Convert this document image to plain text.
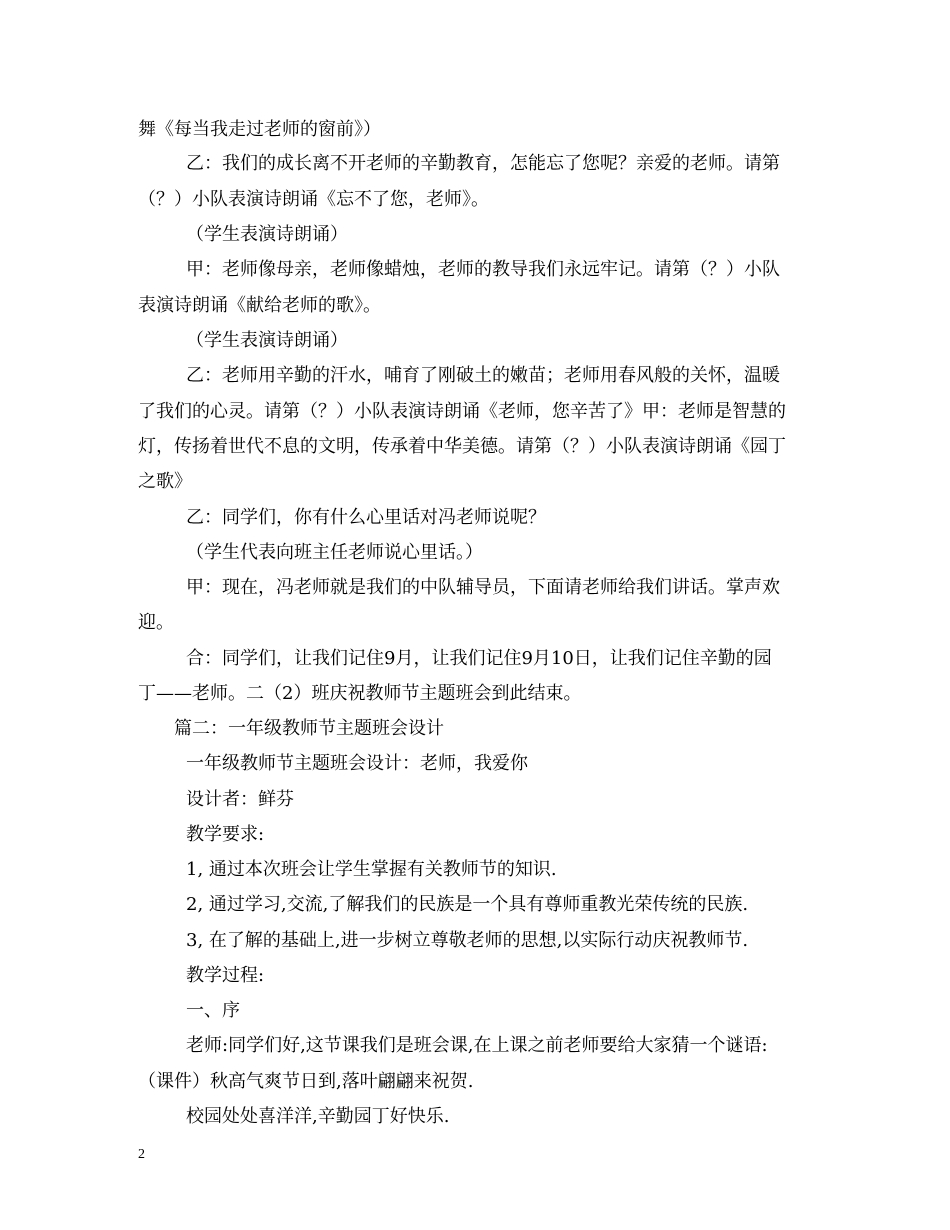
舞《每当我走过老师的窗前》）
乙：我们的成长离不开老师的辛勤教育，怎能忘了您呢？亲爱的老师。请第
（？）小队表演诗朗诵《忘不了您，老师》。
（学生表演诗朗诵）
甲：老师像母亲，老师像蜡烛，老师的教导我们永远牢记。请第（？）小队
表演诗朗诵《献给老师的歌》。
（学生表演诗朗诵）
乙：老师用辛勤的汗水，哺育了刚破土的嫩苗；老师用春风般的关怀，温暖
了我们的心灵。请第（？）小队表演诗朗诵《老师，您辛苦了》甲：老师是智慧的
灯，传扬着世代不息的文明，传承着中华美德。请第（？）小队表演诗朗诵《园丁
之歌》
乙：同学们，你有什么心里话对冯老师说呢？
（学生代表向班主任老师说心里话。）
甲：现在，冯老师就是我们的中队辅导员，下面请老师给我们讲话。掌声欢
迎。
合：同学们，让我们记住9月，让我们记住9月10日，让我们记住辛勤的园
丁——老师。二（2）班庆祝教师节主题班会到此结束。
篇二：一年级教师节主题班会设计
一年级教师节主题班会设计：老师，我爱你
设计者：鲜芬
教学要求:
1, 通过本次班会让学生掌握有关教师节的知识.
2, 通过学习,交流,了解我们的民族是一个具有尊师重教光荣传统的民族.
3, 在了解的基础上,进一步树立尊敬老师的思想,以实际行动庆祝教师节.
教学过程:
一、序
老师:同学们好,这节课我们是班会课,在上课之前老师要给大家猜一个谜语:
（课件）秋高气爽节日到,落叶翩翩来祝贺.
校园处处喜洋洋,辛勤园丁好快乐.
2
